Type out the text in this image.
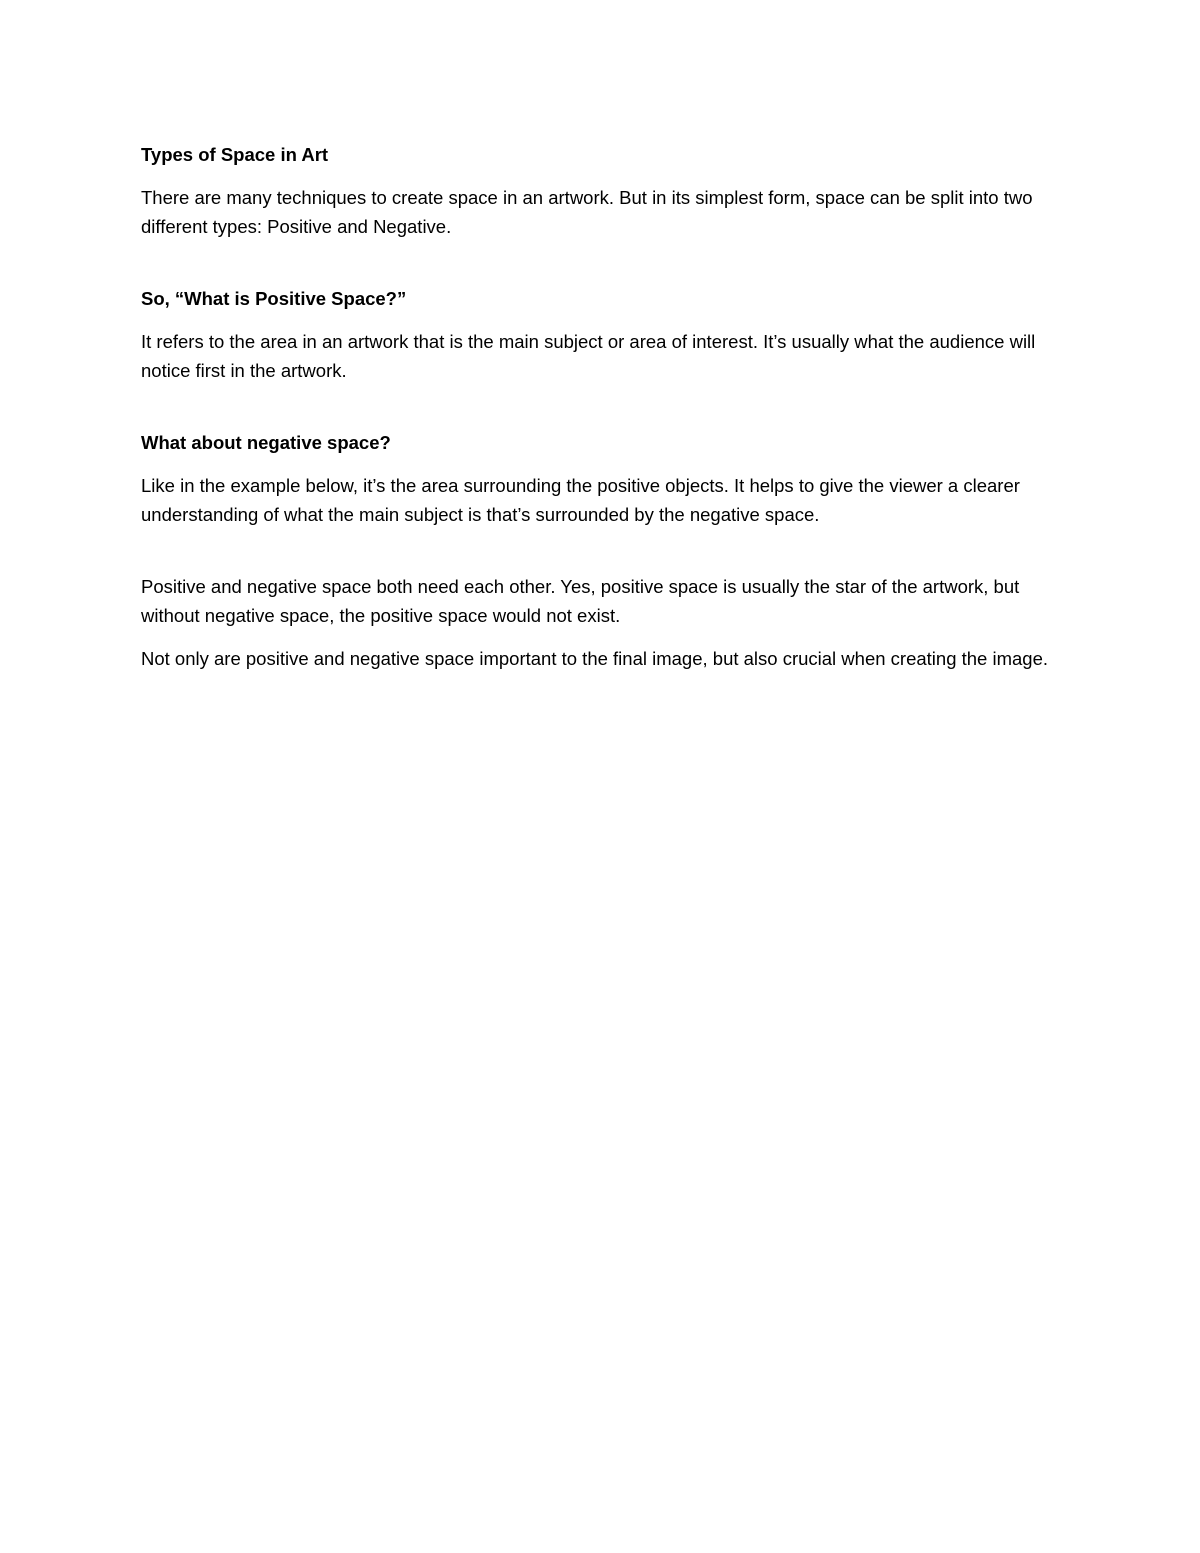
Types of Space in Art

There are many techniques to create space in an artwork. But in its simplest form, space can be split into two different types: Positive and Negative.

So, “What is Positive Space?”

It refers to the area in an artwork that is the main subject or area of interest. It’s usually what the audience will notice first in the artwork.

What about negative space?

Like in the example below, it’s the area surrounding the positive objects. It helps to give the viewer a clearer understanding of what the main subject is that’s surrounded by the negative space.

Positive and negative space both need each other. Yes, positive space is usually the star of the artwork, but without negative space, the positive space would not exist.

Not only are positive and negative space important to the final image, but also crucial when creating the image.
